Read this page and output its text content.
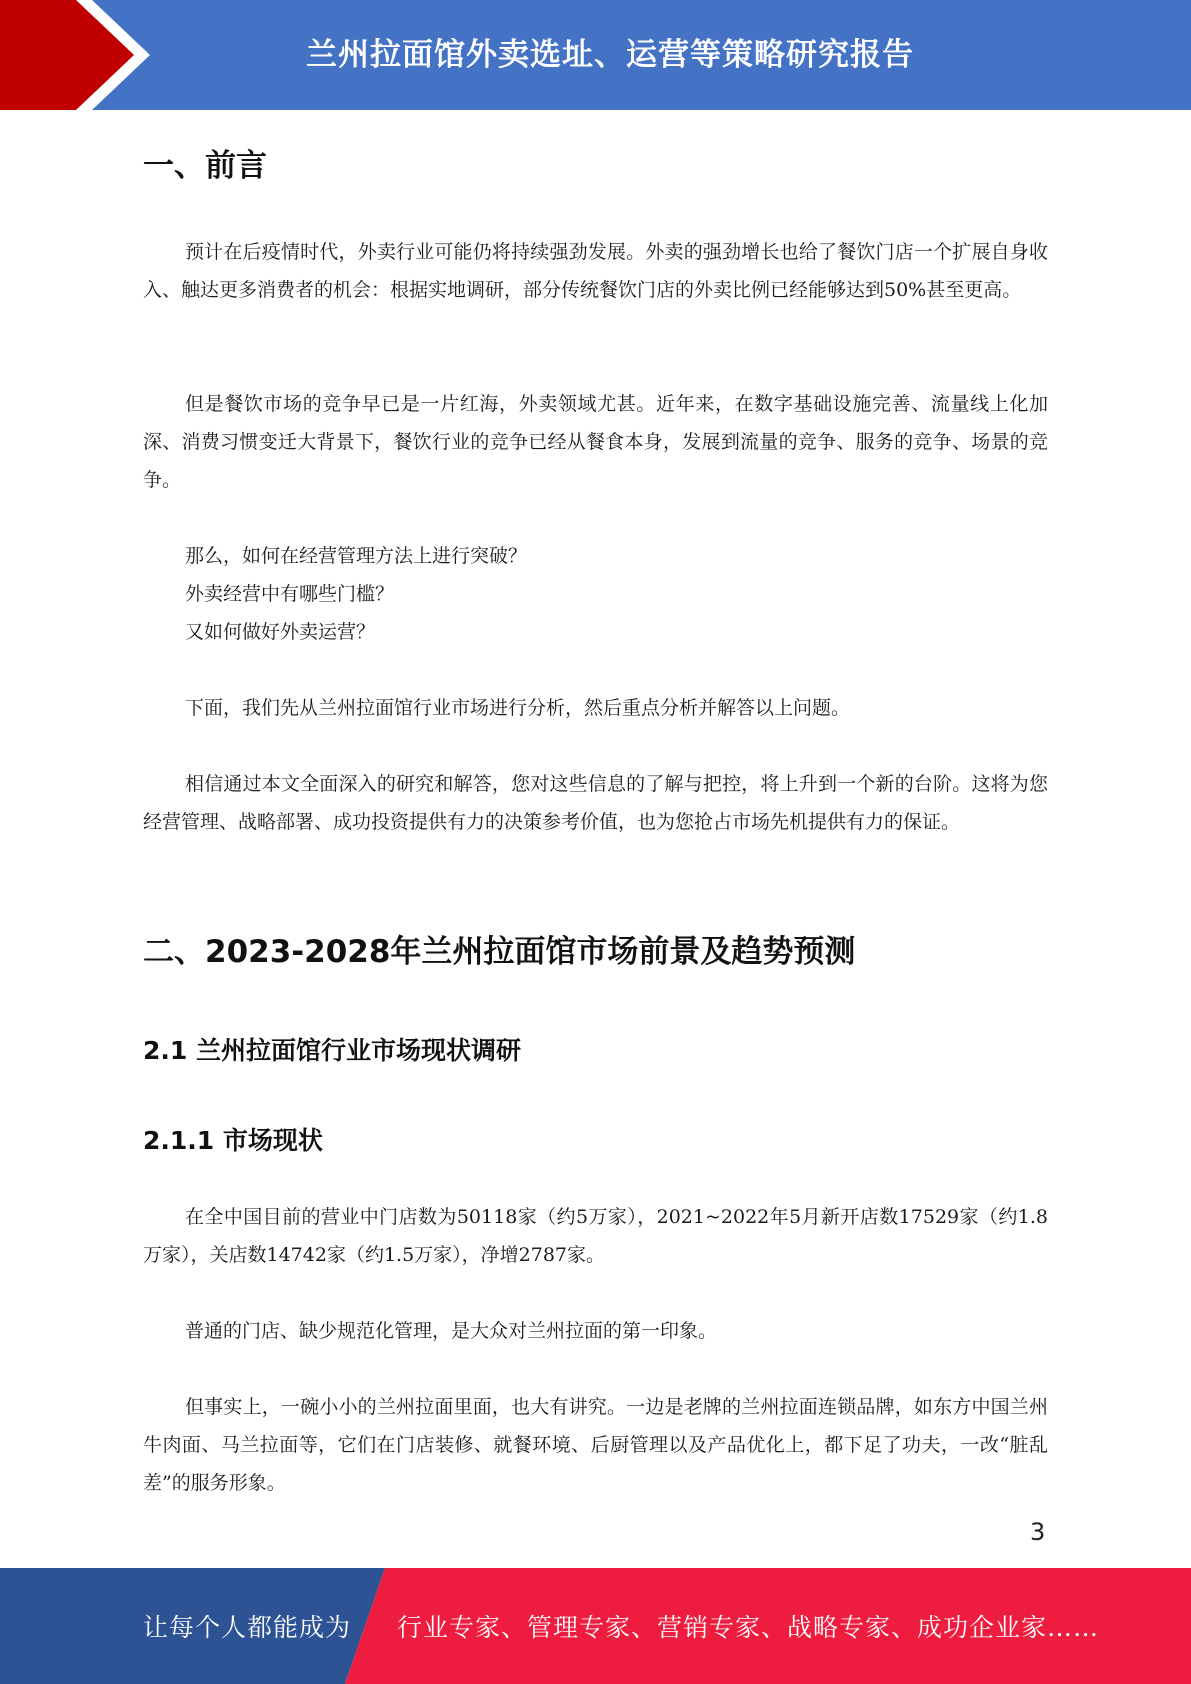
兰州拉面馆外卖选址、运营等策略研究报告
一、前言

预计在后疫情时代，外卖行业可能仍将持续强劲发展。外卖的强劲增长也给了餐饮门店一个扩展自身收入、触达更多消费者的机会：根据实地调研，部分传统餐饮门店的外卖比例已经能够达到50%甚至更高。

但是餐饮市场的竞争早已是一片红海，外卖领域尤甚。近年来，在数字基础设施完善、流量线上化加深、消费习惯变迁大背景下，餐饮行业的竞争已经从餐食本身，发展到流量的竞争、服务的竞争、场景的竞争。

那么，如何在经营管理方法上进行突破？
外卖经营中有哪些门槛？
又如何做好外卖运营？

下面，我们先从兰州拉面馆行业市场进行分析，然后重点分析并解答以上问题。

相信通过本文全面深入的研究和解答，您对这些信息的了解与把控，将上升到一个新的台阶。这将为您经营管理、战略部署、成功投资提供有力的决策参考价值，也为您抢占市场先机提供有力的保证。

二、2023-2028年兰州拉面馆市场前景及趋势预测
2.1 兰州拉面馆行业市场现状调研
2.1.1 市场现状

在全中国目前的营业中门店数为50118家（约5万家），2021~2022年5月新开店数17529家（约1.8万家），关店数14742家（约1.5万家），净增2787家。

普通的门店、缺少规范化管理，是大众对兰州拉面的第一印象。

但事实上，一碗小小的兰州拉面里面，也大有讲究。一边是老牌的兰州拉面连锁品牌，如东方中国兰州牛肉面、马兰拉面等，它们在门店装修、就餐环境、后厨管理以及产品优化上，都下足了功夫，一改“脏乱差”的服务形象。

3
让每个人都能成为 行业专家、管理专家、营销专家、战略专家、成功企业家……
